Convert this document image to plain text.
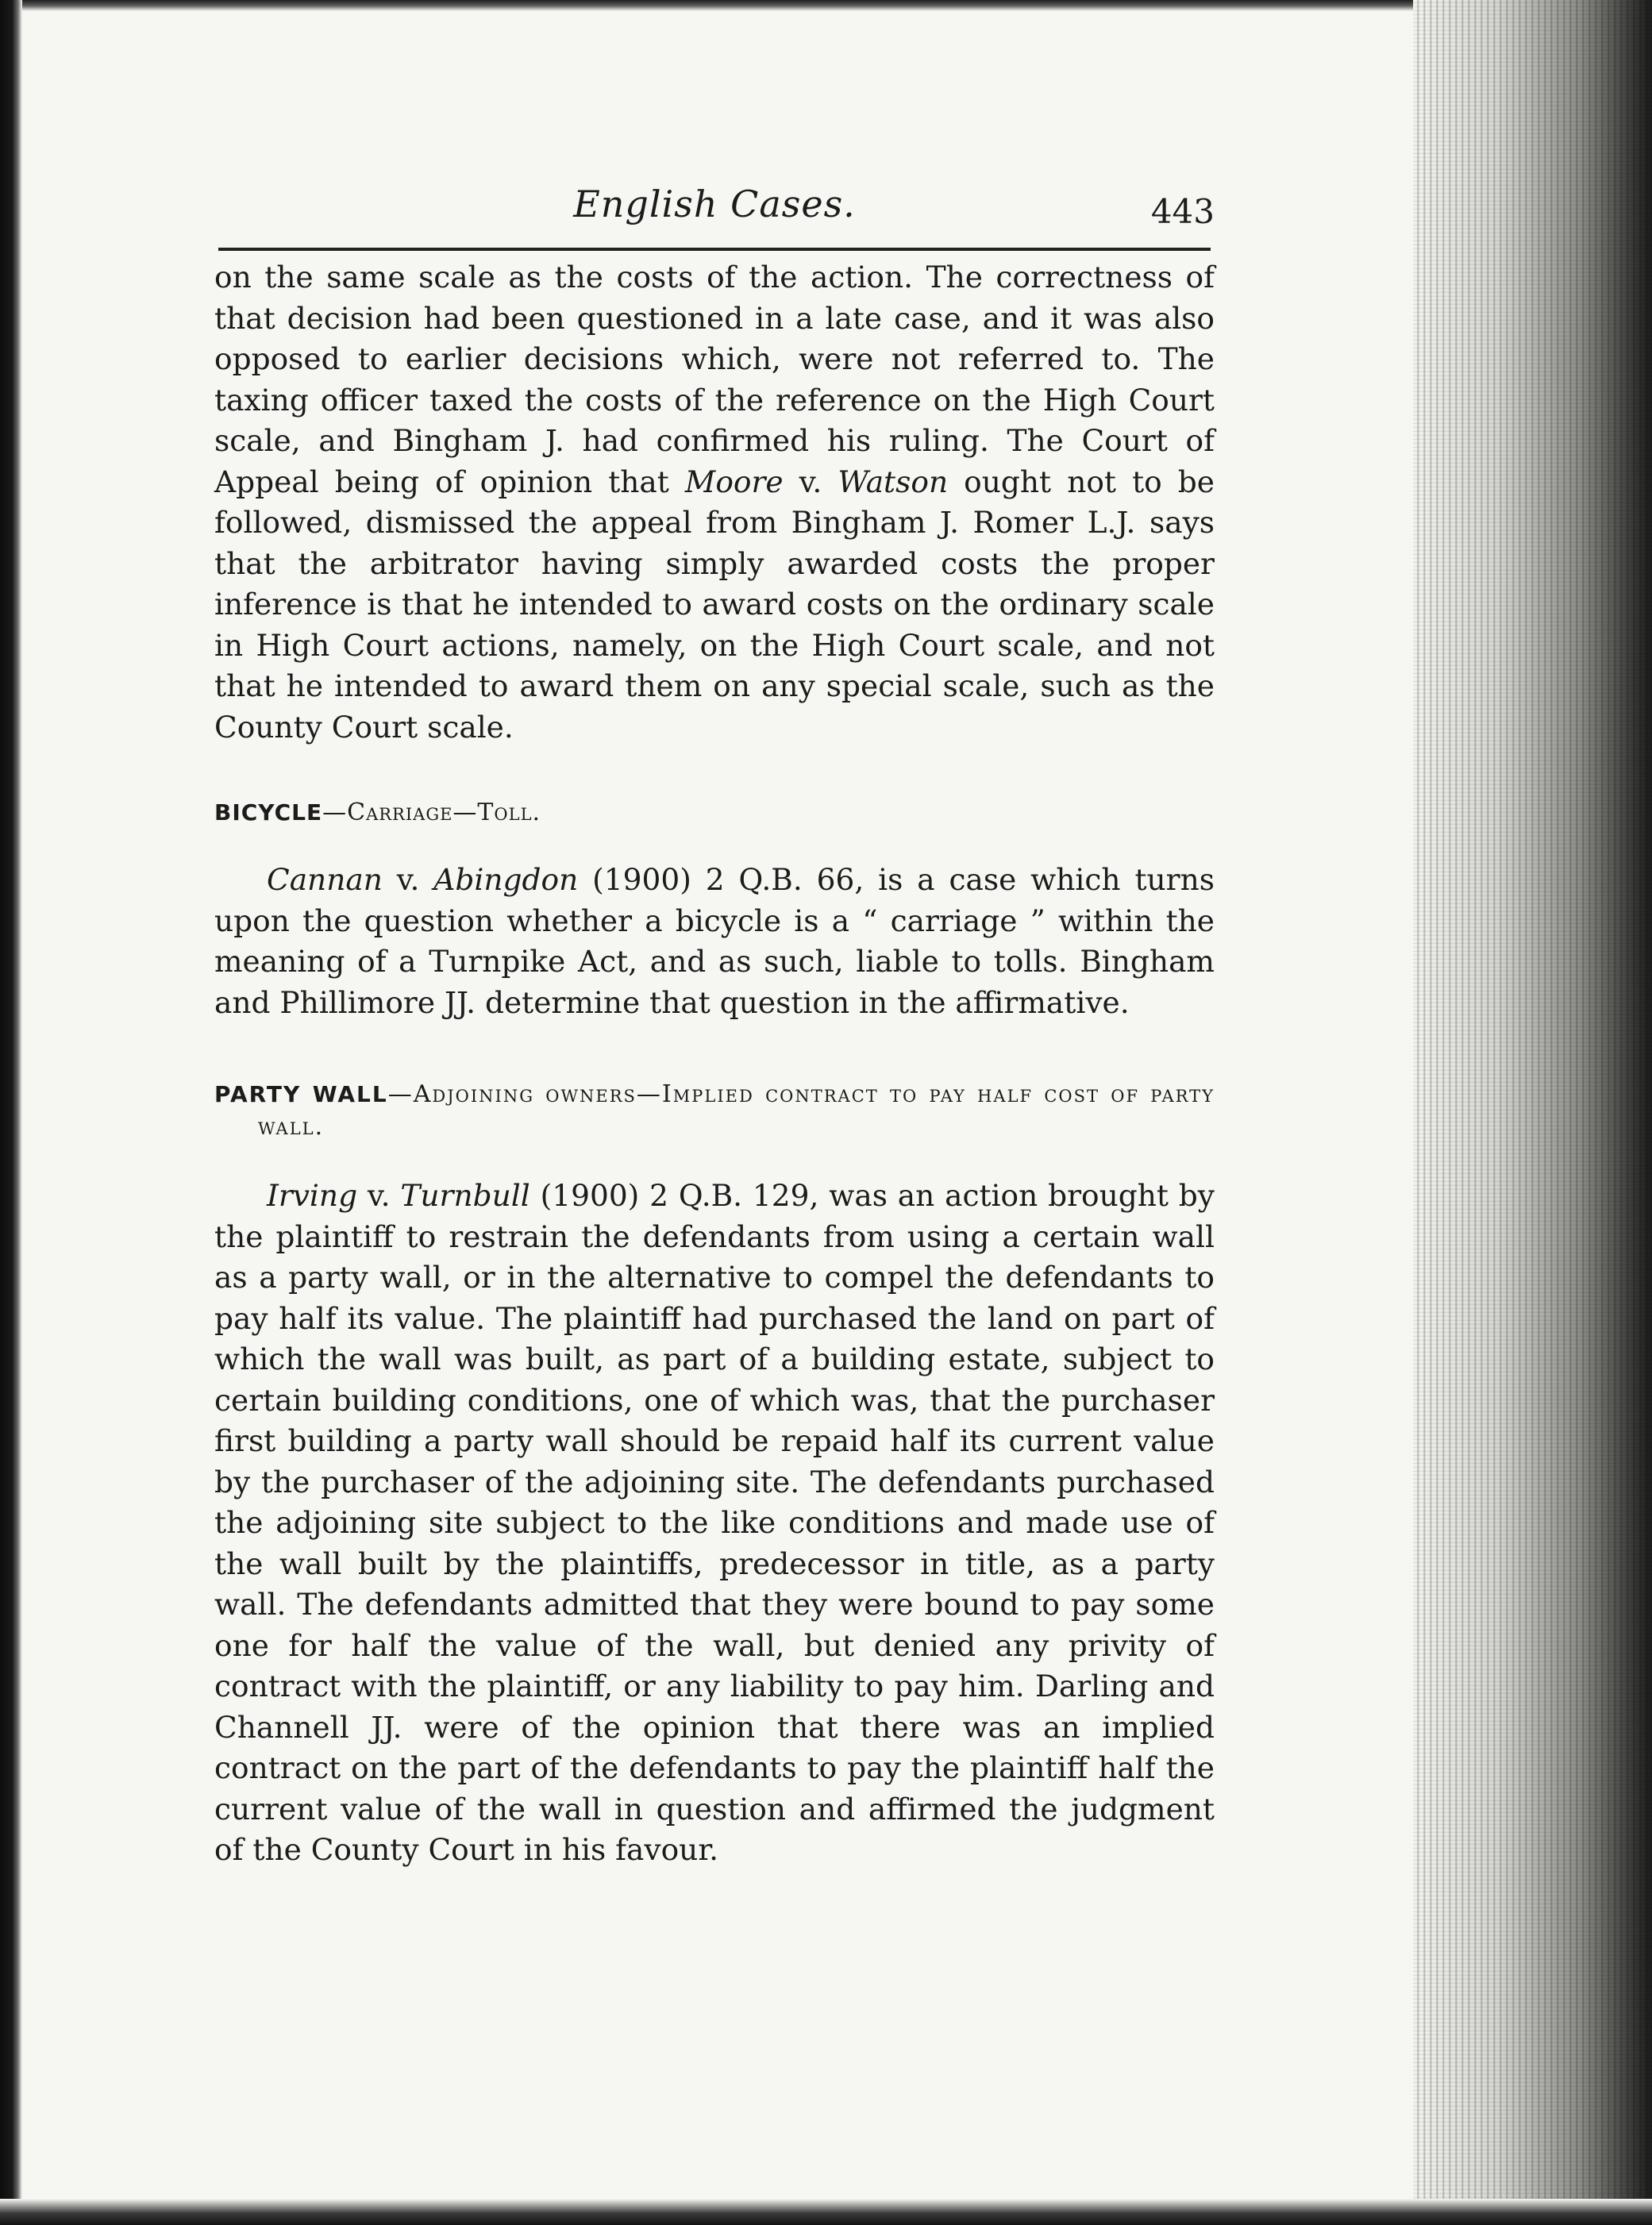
English Cases.	443

on the same scale as the costs of the action. The correctness of that decision had been questioned in a late case, and it was also opposed to earlier decisions which, were not referred to. The taxing officer taxed the costs of the reference on the High Court scale, and Bingham J. had confirmed his ruling. The Court of Appeal being of opinion that Moore v. Watson ought not to be followed, dismissed the appeal from Bingham J. Romer L.J. says that the arbitrator having simply awarded costs the proper inference is that he intended to award costs on the ordinary scale in High Court actions, namely, on the High Court scale, and not that he intended to award them on any special scale, such as the County Court scale.

BICYCLE—Carriage—Toll.

Cannan v. Abingdon (1900) 2 Q.B. 66, is a case which turns upon the question whether a bicycle is a “ carriage ” within the meaning of a Turnpike Act, and as such, liable to tolls. Bingham and Phillimore JJ. determine that question in the affirmative.

PARTY WALL—Adjoining owners—Implied contract to pay half cost of party wall.

Irving v. Turnbull (1900) 2 Q.B. 129, was an action brought by the plaintiff to restrain the defendants from using a certain wall as a party wall, or in the alternative to compel the defendants to pay half its value. The plaintiff had purchased the land on part of which the wall was built, as part of a building estate, subject to certain building conditions, one of which was, that the purchaser first building a party wall should be repaid half its current value by the purchaser of the adjoining site. The defendants purchased the adjoining site subject to the like conditions and made use of the wall built by the plaintiffs, predecessor in title, as a party wall. The defendants admitted that they were bound to pay some one for half the value of the wall, but denied any privity of contract with the plaintiff, or any liability to pay him. Darling and Channell JJ. were of the opinion that there was an implied contract on the part of the defendants to pay the plaintiff half the current value of the wall in question and affirmed the judgment of the County Court in his favour.
